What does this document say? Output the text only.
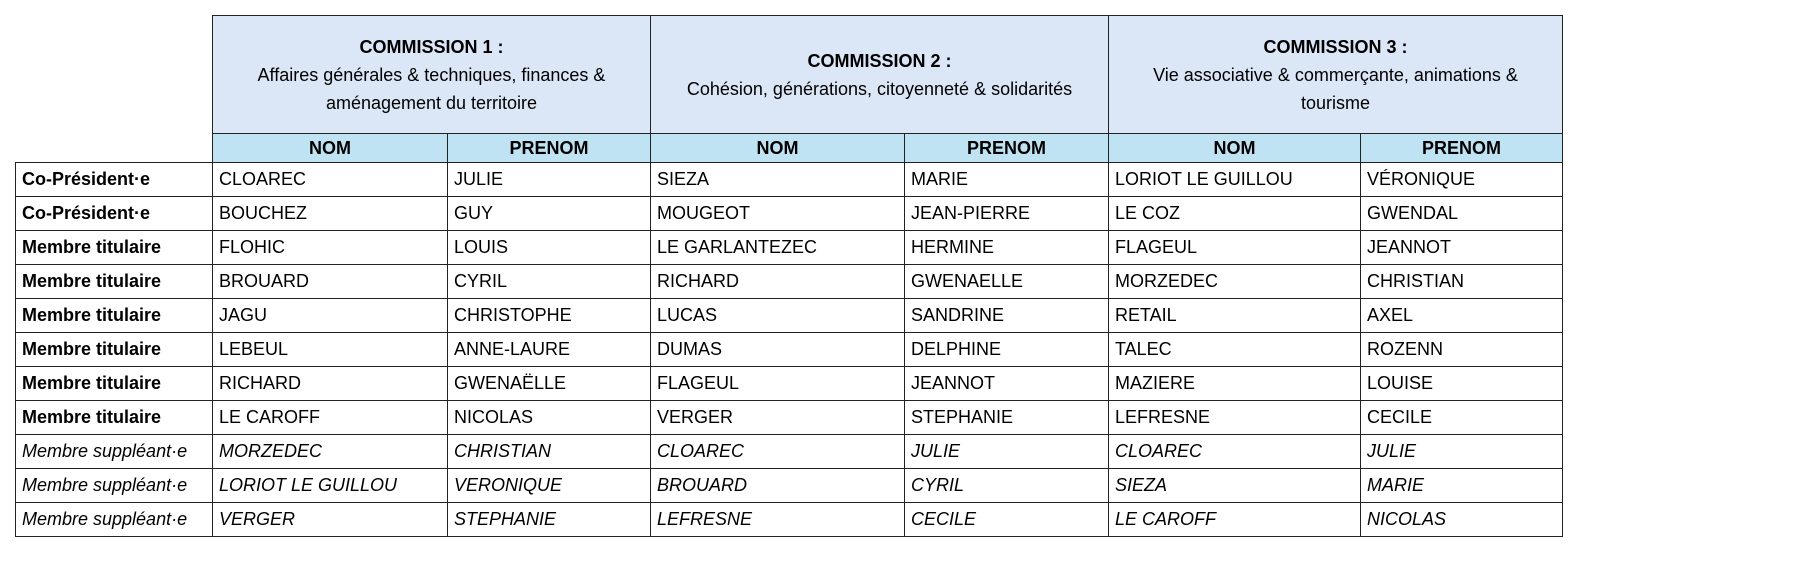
	COMMISSION 1 :
Affaires générales & techniques, finances & aménagement du territoire		COMMISSION 2 :
Cohésion, générations, citoyenneté & solidarités		COMMISSION 3 :
Vie associative & commerçante, animations & tourisme	

	NOM	PRENOM	NOM	PRENOM	NOM	PRENOM
Co-Président·e	CLOAREC	JULIE	SIEZA	MARIE	LORIOT LE GUILLOU	VÉRONIQUE
Co-Président·e	BOUCHEZ	GUY	MOUGEOT	JEAN-PIERRE	LE COZ	GWENDAL
Membre titulaire	FLOHIC	LOUIS	LE GARLANTEZEC	HERMINE	FLAGEUL	JEANNOT
Membre titulaire	BROUARD	CYRIL	RICHARD	GWENAELLE	MORZEDEC	CHRISTIAN
Membre titulaire	JAGU	CHRISTOPHE	LUCAS	SANDRINE	RETAIL	AXEL
Membre titulaire	LEBEUL	ANNE-LAURE	DUMAS	DELPHINE	TALEC	ROZENN
Membre titulaire	RICHARD	GWENAËLLE	FLAGEUL	JEANNOT	MAZIERE	LOUISE
Membre titulaire	LE CAROFF	NICOLAS	VERGER	STEPHANIE	LEFRESNE	CECILE
Membre suppléant·e	MORZEDEC	CHRISTIAN	CLOAREC	JULIE	CLOAREC	JULIE
Membre suppléant·e	LORIOT LE GUILLOU	VERONIQUE	BROUARD	CYRIL	SIEZA	MARIE
Membre suppléant·e	VERGER	STEPHANIE	LEFRESNE	CECILE	LE CAROFF	NICOLAS
